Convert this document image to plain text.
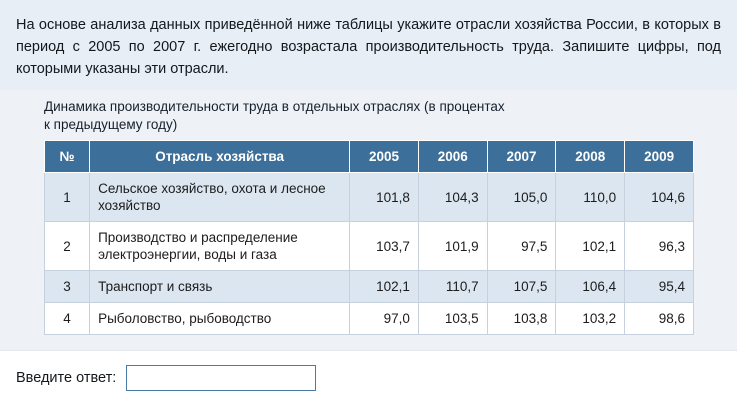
На основе анализа данных приведённой ниже таблицы укажите отрасли хозяйства России, в которых в период с 2005 по 2007 г. ежегодно возрастала производительность труда. Запишите цифры, под которыми указаны эти отрасли.
Динамика производительности труда в отдельных отраслях (в процентах
к предыдущему году)
№	Отрасль хозяйства	2005	2006	2007	2008	2009
1	Сельское хозяйство, охота и лесное хозяйство	101,8	104,3	105,0	110,0	104,6
2	Производство и распределение электроэнергии, воды и газа	103,7	101,9	97,5	102,1	96,3
3	Транспорт и связь	102,1	110,7	107,5	106,4	95,4
4	Рыболовство, рыбоводство	97,0	103,5	103,8	103,2	98,6
Введите ответ:
